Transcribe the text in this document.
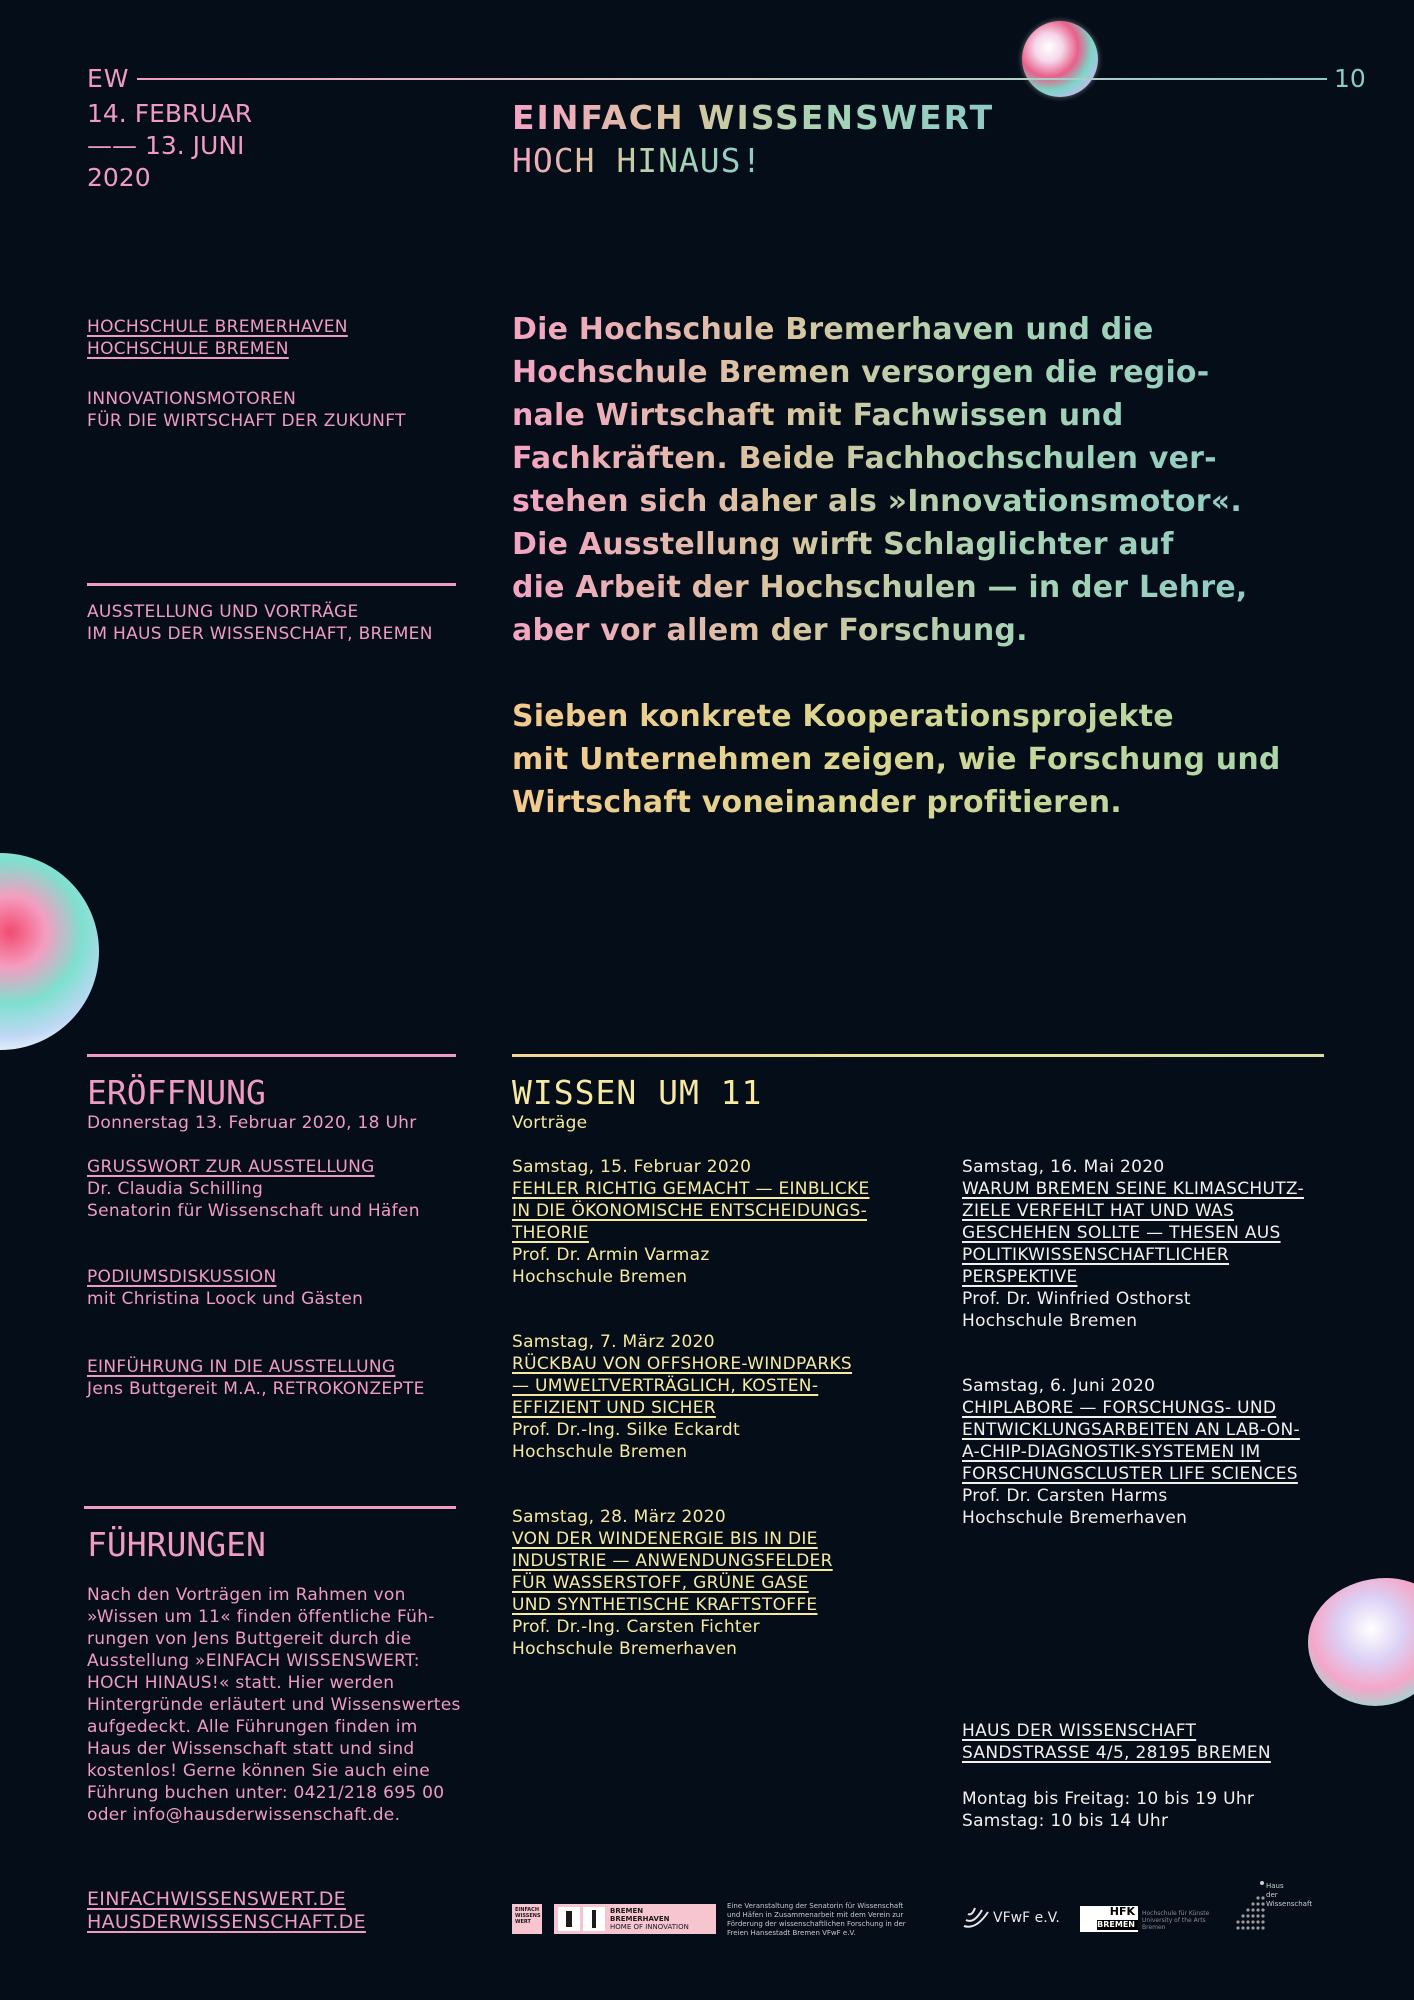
EW	10
14. FEBRUAR
—— 13. JUNI
2020
EINFACH WISSENSWERT
HOCH HINAUS!
HOCHSCHULE BREMERHAVEN
HOCHSCHULE BREMEN
INNOVATIONSMOTOREN
FÜR DIE WIRTSCHAFT DER ZUKUNFT
AUSSTELLUNG UND VORTRÄGE
IM HAUS DER WISSENSCHAFT, BREMEN
Die Hochschule Bremerhaven und die
Hochschule Bremen versorgen die regio-
nale Wirtschaft mit Fachwissen und
Fachkräften. Beide Fachhochschulen ver-
stehen sich daher als »Innovationsmotor«.
Die Ausstellung wirft Schlaglichter auf
die Arbeit der Hochschulen — in der Lehre,
aber vor allem der Forschung.
Sieben konkrete Kooperationsprojekte
mit Unternehmen zeigen, wie Forschung und
Wirtschaft voneinander profitieren.
ERÖFFNUNG
Donnerstag 13. Februar 2020, 18 Uhr
GRUSSWORT ZUR AUSSTELLUNG
Dr. Claudia Schilling
Senatorin für Wissenschaft und Häfen
PODIUMSDISKUSSION
mit Christina Loock und Gästen
EINFÜHRUNG IN DIE AUSSTELLUNG
Jens Buttgereit M.A., RETROKONZEPTE
FÜHRUNGEN
Nach den Vorträgen im Rahmen von
»Wissen um 11« finden öffentliche Füh-
rungen von Jens Buttgereit durch die
Ausstellung »EINFACH WISSENSWERT:
HOCH HINAUS!« statt. Hier werden
Hintergründe erläutert und Wissenswertes
aufgedeckt. Alle Führungen finden im
Haus der Wissenschaft statt und sind
kostenlos! Gerne können Sie auch eine
Führung buchen unter: 0421/218 695 00
oder info@hausderwissenschaft.de.
EINFACHWISSENSWERT.DE
HAUSDERWISSENSCHAFT.DE
WISSEN UM 11
Vorträge
Samstag, 15. Februar 2020
FEHLER RICHTIG GEMACHT — EINBLICKE
IN DIE ÖKONOMISCHE ENTSCHEIDUNGS-
THEORIE
Prof. Dr. Armin Varmaz
Hochschule Bremen
Samstag, 7. März 2020
RÜCKBAU VON OFFSHORE-WINDPARKS
— UMWELTVERTRÄGLICH, KOSTEN-
EFFIZIENT UND SICHER
Prof. Dr.-Ing. Silke Eckardt
Hochschule Bremen
Samstag, 28. März 2020
VON DER WINDENERGIE BIS IN DIE
INDUSTRIE — ANWENDUNGSFELDER
FÜR WASSERSTOFF, GRÜNE GASE
UND SYNTHETISCHE KRAFTSTOFFE
Prof. Dr.-Ing. Carsten Fichter
Hochschule Bremerhaven
Samstag, 16. Mai 2020
WARUM BREMEN SEINE KLIMASCHUTZ-
ZIELE VERFEHLT HAT UND WAS
GESCHEHEN SOLLTE — THESEN AUS
POLITIKWISSENSCHAFTLICHER
PERSPEKTIVE
Prof. Dr. Winfried Osthorst
Hochschule Bremen
Samstag, 6. Juni 2020
CHIPLABORE — FORSCHUNGS- UND
ENTWICKLUNGSARBEITEN AN LAB-ON-
A-CHIP-DIAGNOSTIK-SYSTEMEN IM
FORSCHUNGSCLUSTER LIFE SCIENCES
Prof. Dr. Carsten Harms
Hochschule Bremerhaven
HAUS DER WISSENSCHAFT
SANDSTRASSE 4/5, 28195 BREMEN
Montag bis Freitag: 10 bis 19 Uhr
Samstag: 10 bis 14 Uhr
EINFACH
WISSENS
WERT
BREMEN
BREMERHAVEN
HOME OF INNOVATION
Eine Veranstaltung der Senatorin für Wissenschaft
und Häfen in Zusammenarbeit mit dem Verein zur
Förderung der wissenschaftlichen Forschung in der
Freien Hansestadt Bremen VFwF e.V.
VFwF e.V.	HFK
BREMEN
Hochschule für Künste
University of the Arts
Bremen
Haus
der
Wissenschaft
